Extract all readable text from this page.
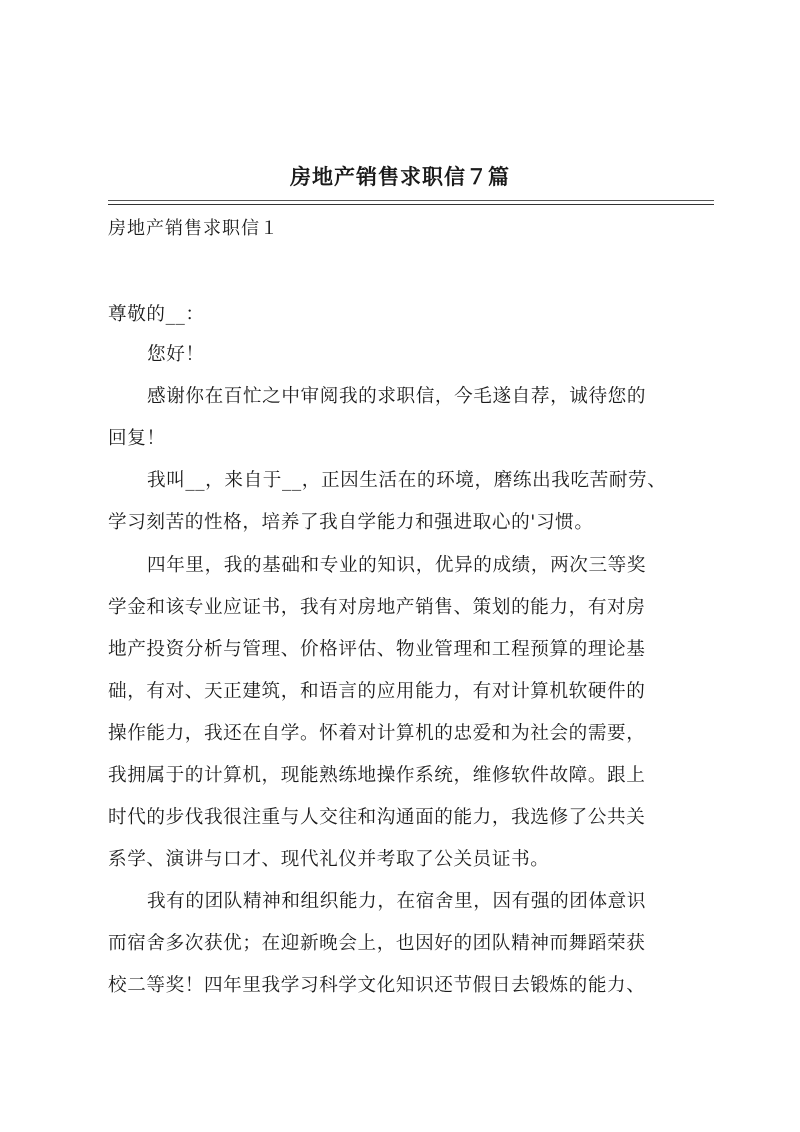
房地产销售求职信７篇
房地产销售求职信１
尊敬的__：
您好！
感谢你在百忙之中审阅我的求职信，今毛遂自荐，诚待您的
回复！
我叫__，来自于__，正因生活在的环境，磨练出我吃苦耐劳、
学习刻苦的性格，培养了我自学能力和强进取心的'习惯。
四年里，我的基础和专业的知识，优异的成绩，两次三等奖
学金和该专业应证书，我有对房地产销售、策划的能力，有对房
地产投资分析与管理、价格评估、物业管理和工程预算的理论基
础，有对、天正建筑，和语言的应用能力，有对计算机软硬件的
操作能力，我还在自学。怀着对计算机的忠爱和为社会的需要，
我拥属于的计算机，现能熟练地操作系统，维修软件故障。跟上
时代的步伐我很注重与人交往和沟通面的能力，我选修了公共关
系学、演讲与口才、现代礼仪并考取了公关员证书。
我有的团队精神和组织能力，在宿舍里，因有强的团体意识
而宿舍多次获优；在迎新晚会上，也因好的团队精神而舞蹈荣获
校二等奖！四年里我学习科学文化知识还节假日去锻炼的能力、
